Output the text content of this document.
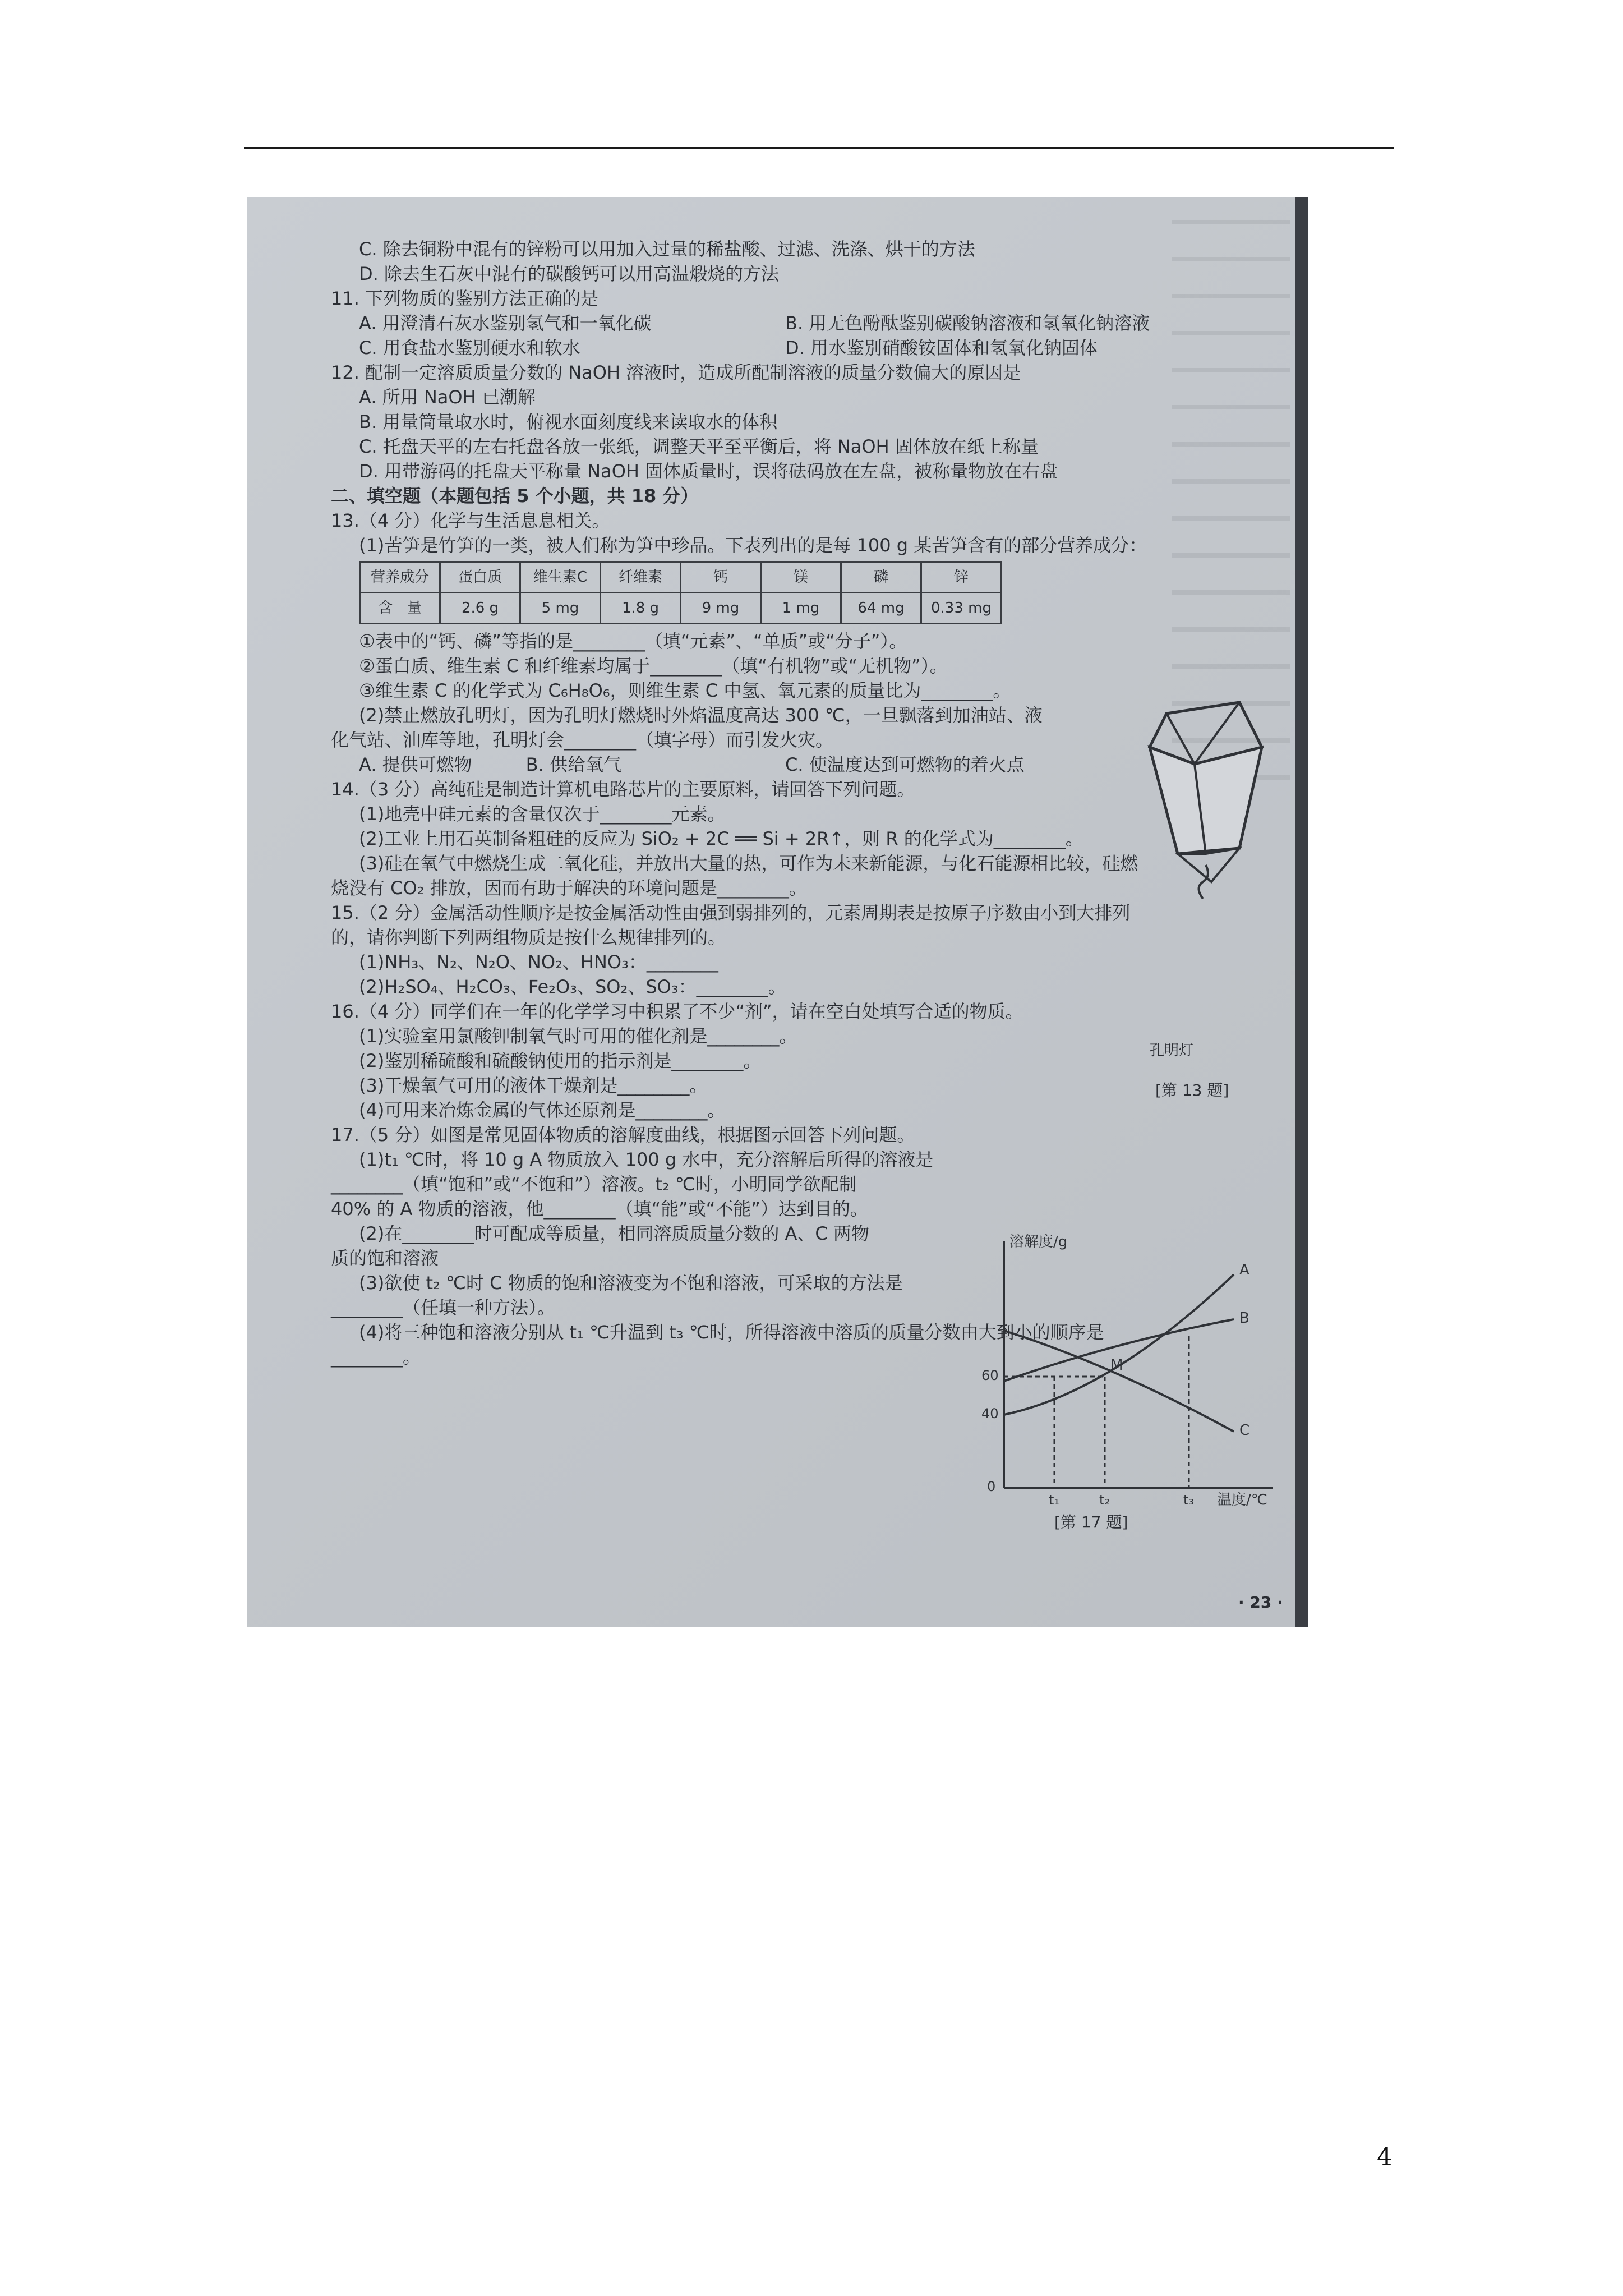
C. 除去铜粉中混有的锌粉可以用加入过量的稀盐酸、过滤、洗涤、烘干的方法

D. 除去生石灰中混有的碳酸钙可以用高温煅烧的方法

11. 下列物质的鉴别方法正确的是

A. 用澄清石灰水鉴别氢气和一氧化碳	B. 用无色酚酞鉴别碳酸钠溶液和氢氧化钠溶液

C. 用食盐水鉴别硬水和软水	D. 用水鉴别硝酸铵固体和氢氧化钠固体

12. 配制一定溶质质量分数的 NaOH 溶液时，造成所配制溶液的质量分数偏大的原因是

A. 所用 NaOH 已潮解

B. 用量筒量取水时，俯视水面刻度线来读取水的体积

C. 托盘天平的左右托盘各放一张纸，调整天平至平衡后，将 NaOH 固体放在纸上称量

D. 用带游码的托盘天平称量 NaOH 固体质量时，误将砝码放在左盘，被称量物放在右盘

二、填空题（本题包括 5 个小题，共 18 分）

13.（4 分）化学与生活息息相关。

(1)苦笋是竹笋的一类，被人们称为笋中珍品。下表列出的是每 100 g 某苦笋含有的部分营养成分：

营养成分	蛋白质	维生素C	纤维素	钙	镁	磷	锌
含　量	2.6 g	5 mg	1.8 g	9 mg	1 mg	64 mg	0.33 mg

①表中的“钙、磷”等指的是________（填“元素”、“单质”或“分子”）。

②蛋白质、维生素 C 和纤维素均属于________（填“有机物”或“无机物”）。

③维生素 C 的化学式为 C₆H₈O₆，则维生素 C 中氢、氧元素的质量比为________。

(2)禁止燃放孔明灯，因为孔明灯燃烧时外焰温度高达 300 ℃，一旦飘落到加油站、液

化气站、油库等地，孔明灯会________（填字母）而引发火灾。

A. 提供可燃物　　　B. 供给氧气	C. 使温度达到可燃物的着火点

14.（3 分）高纯硅是制造计算机电路芯片的主要原料，请回答下列问题。

(1)地壳中硅元素的含量仅次于________元素。

(2)工业上用石英制备粗硅的反应为 SiO₂ + 2C ══ Si + 2R↑，则 R 的化学式为________。

(3)硅在氧气中燃烧生成二氧化硅，并放出大量的热，可作为未来新能源，与化石能源相比较，硅燃

烧没有 CO₂ 排放，因而有助于解决的环境问题是________。

15.（2 分）金属活动性顺序是按金属活动性由强到弱排列的，元素周期表是按原子序数由小到大排列

的，请你判断下列两组物质是按什么规律排列的。

(1)NH₃、N₂、N₂O、NO₂、HNO₃：________

(2)H₂SO₄、H₂CO₃、Fe₂O₃、SO₂、SO₃：________。

16.（4 分）同学们在一年的化学学习中积累了不少“剂”，请在空白处填写合适的物质。

(1)实验室用氯酸钾制氧气时可用的催化剂是________。

(2)鉴别稀硫酸和硫酸钠使用的指示剂是________。

(3)干燥氧气可用的液体干燥剂是________。

(4)可用来冶炼金属的气体还原剂是________。

17.（5 分）如图是常见固体物质的溶解度曲线，根据图示回答下列问题。

(1)t₁ ℃时，将 10 g A 物质放入 100 g 水中，充分溶解后所得的溶液是

________（填“饱和”或“不饱和”）溶液。t₂ ℃时，小明同学欲配制

40% 的 A 物质的溶液，他________（填“能”或“不能”）达到目的。

(2)在________时可配成等质量，相同溶质质量分数的 A、C 两物

质的饱和溶液

(3)欲使 t₂ ℃时 C 物质的饱和溶液变为不饱和溶液，可采取的方法是

________（任填一种方法）。

(4)将三种饱和溶液分别从 t₁ ℃升温到 t₃ ℃时，所得溶液中溶质的质量分数由大到小的顺序是

________。

孔明灯
[第 13 题]
溶解度/g
温度/℃
0
40
60
A
B
C
M
t₁	t₂	t₃
[第 17 题]
· 23 ·
4
